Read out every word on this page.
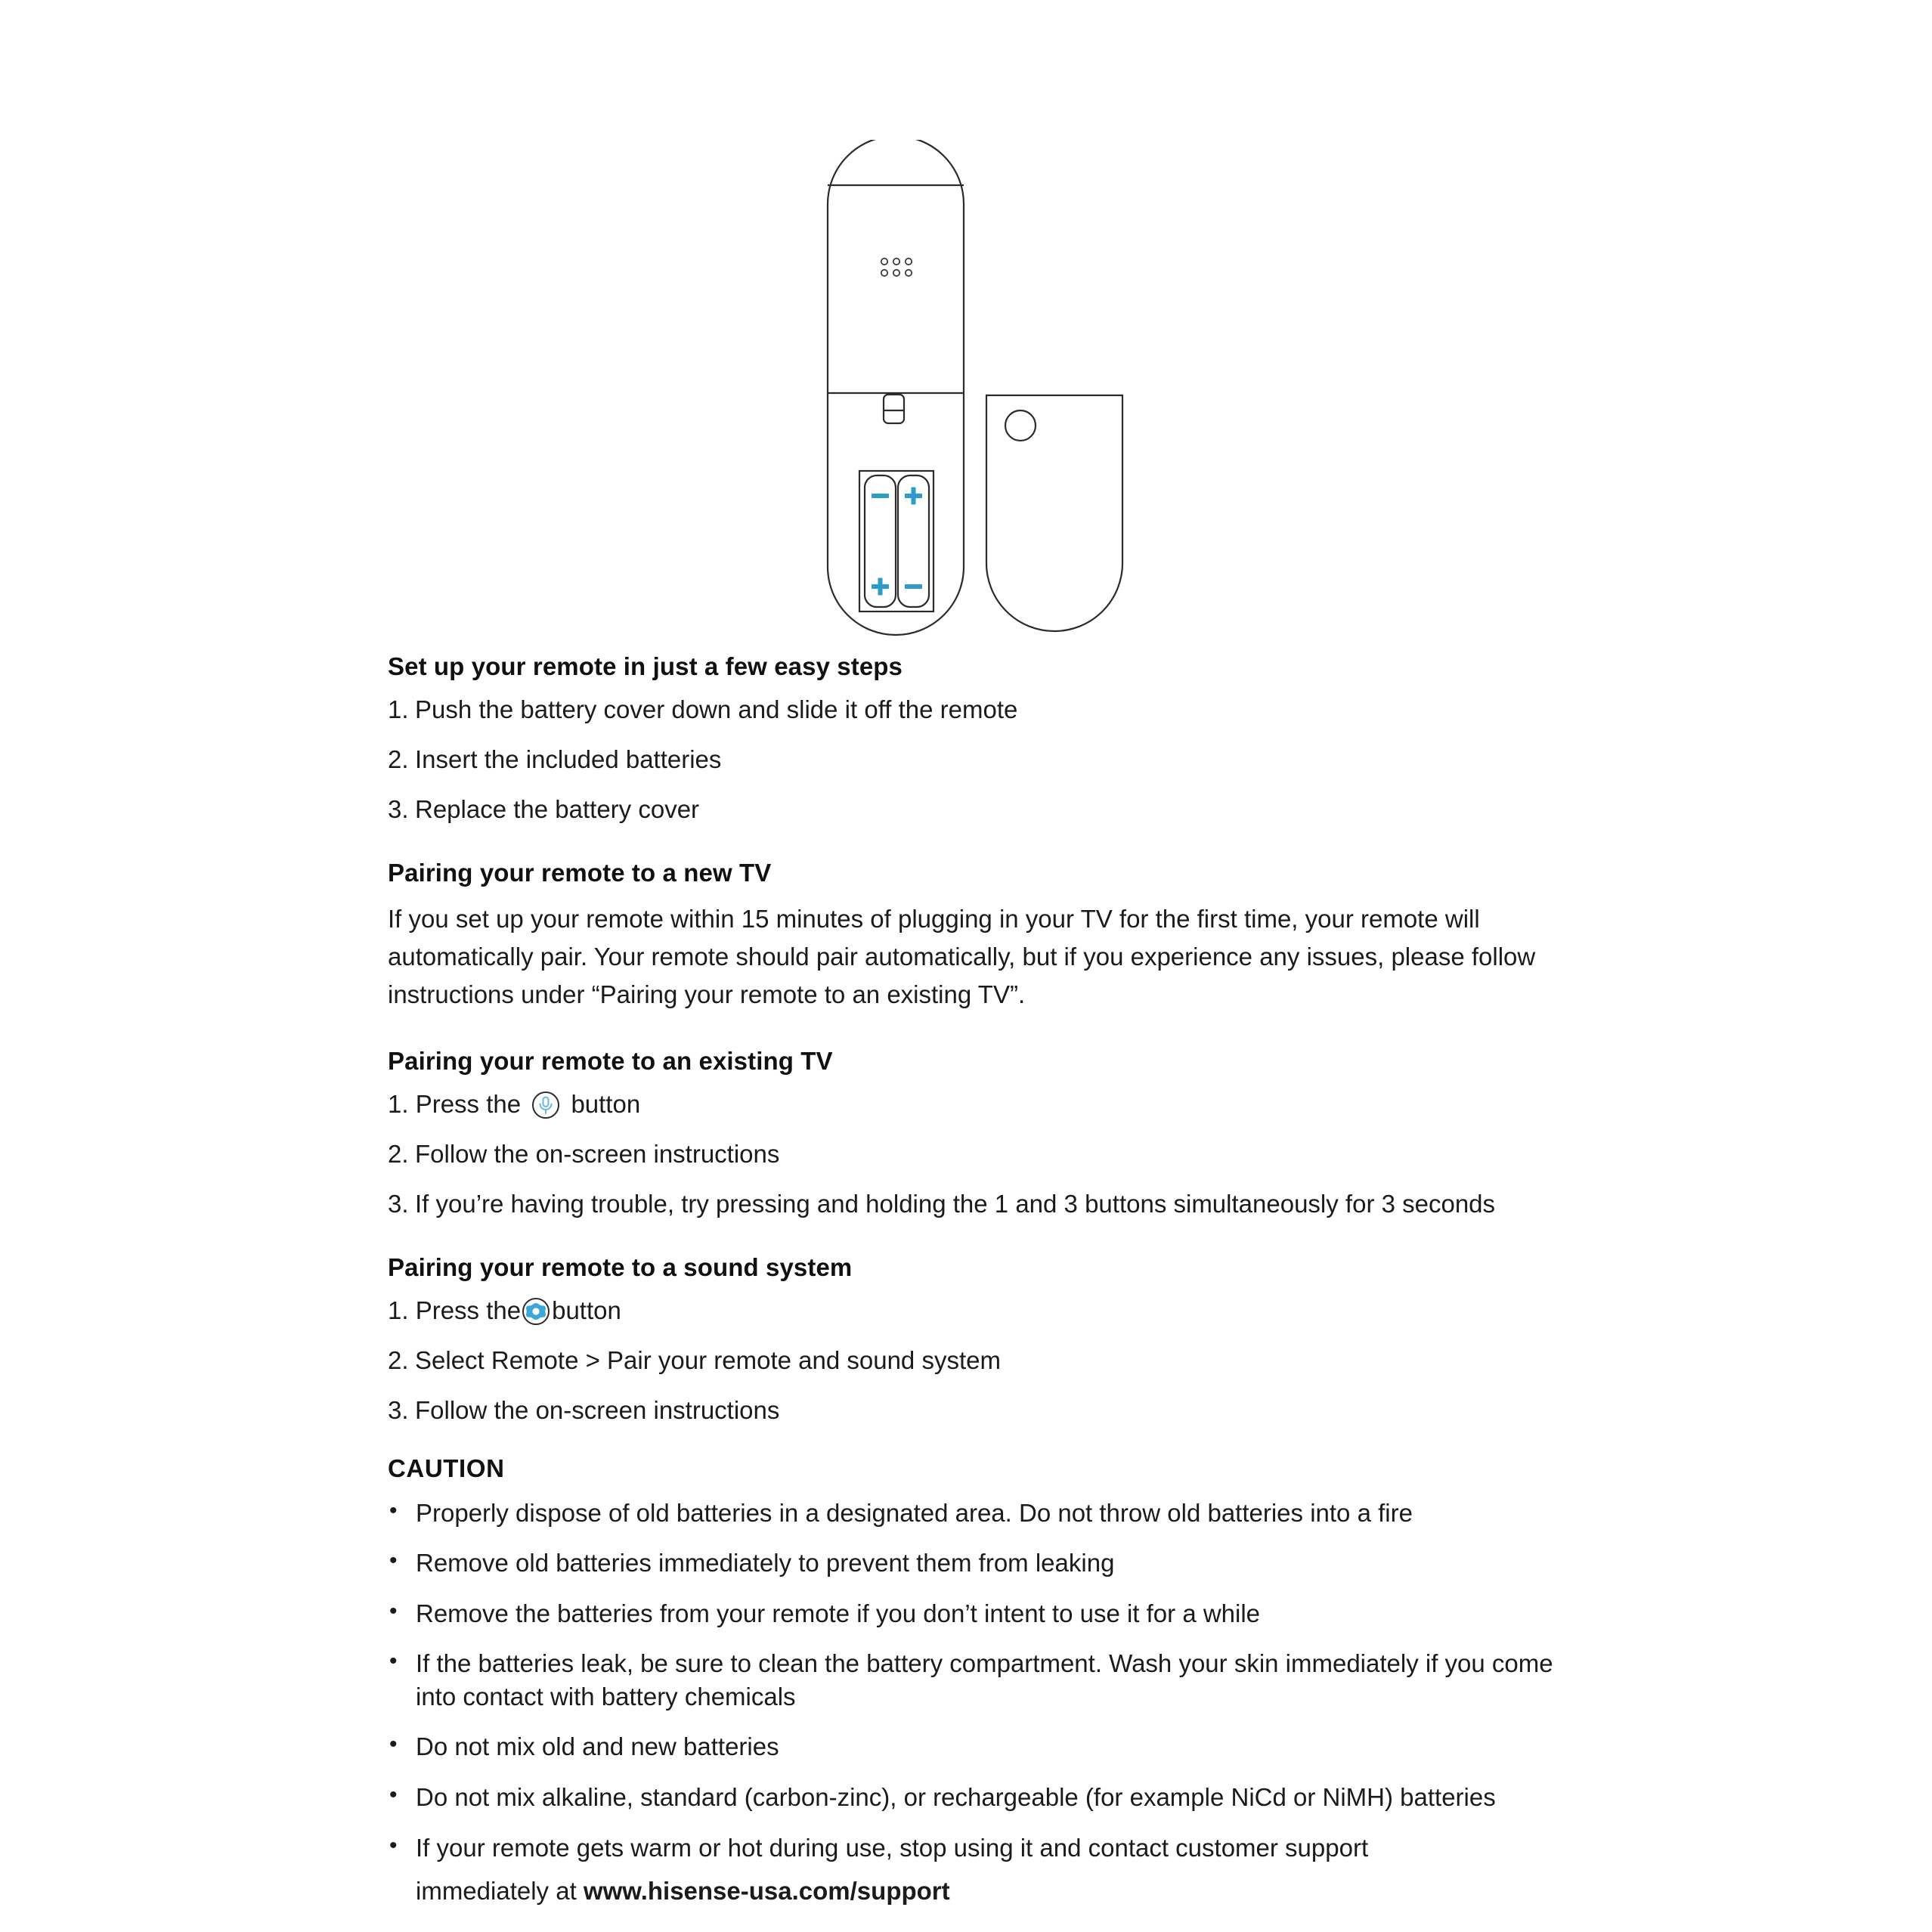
Set up your remote in just a few easy steps
1. Push the battery cover down and slide it off the remote
2. Insert the included batteries
3. Replace the battery cover
Pairing your remote to a new TV

If you set up your remote within 15 minutes of plugging in your TV for the first time, your remote will automatically pair. Your remote should pair automatically, but if you experience any issues, please follow instructions under “Pairing your remote to an existing TV”.

Pairing your remote to an existing TV
1. Press the button
2. Follow the on-screen instructions
3. If you’re having trouble, try pressing and holding the 1 and 3 buttons simultaneously for 3 seconds
Pairing your remote to a sound system
1. Press the button
2. Select Remote > Pair your remote and sound system
3. Follow the on-screen instructions
CAUTION
• Properly dispose of old batteries in a designated area. Do not throw old batteries into a fire
• Remove old batteries immediately to prevent them from leaking
• Remove the batteries from your remote if you don’t intent to use it for a while
• If the batteries leak, be sure to clean the battery compartment. Wash your skin immediately if you come into contact with battery chemicals
• Do not mix old and new batteries
• Do not mix alkaline, standard (carbon-zinc), or rechargeable (for example NiCd or NiMH) batteries
• If your remote gets warm or hot during use, stop using it and contact customer support
immediately at www.hisense-usa.com/support
